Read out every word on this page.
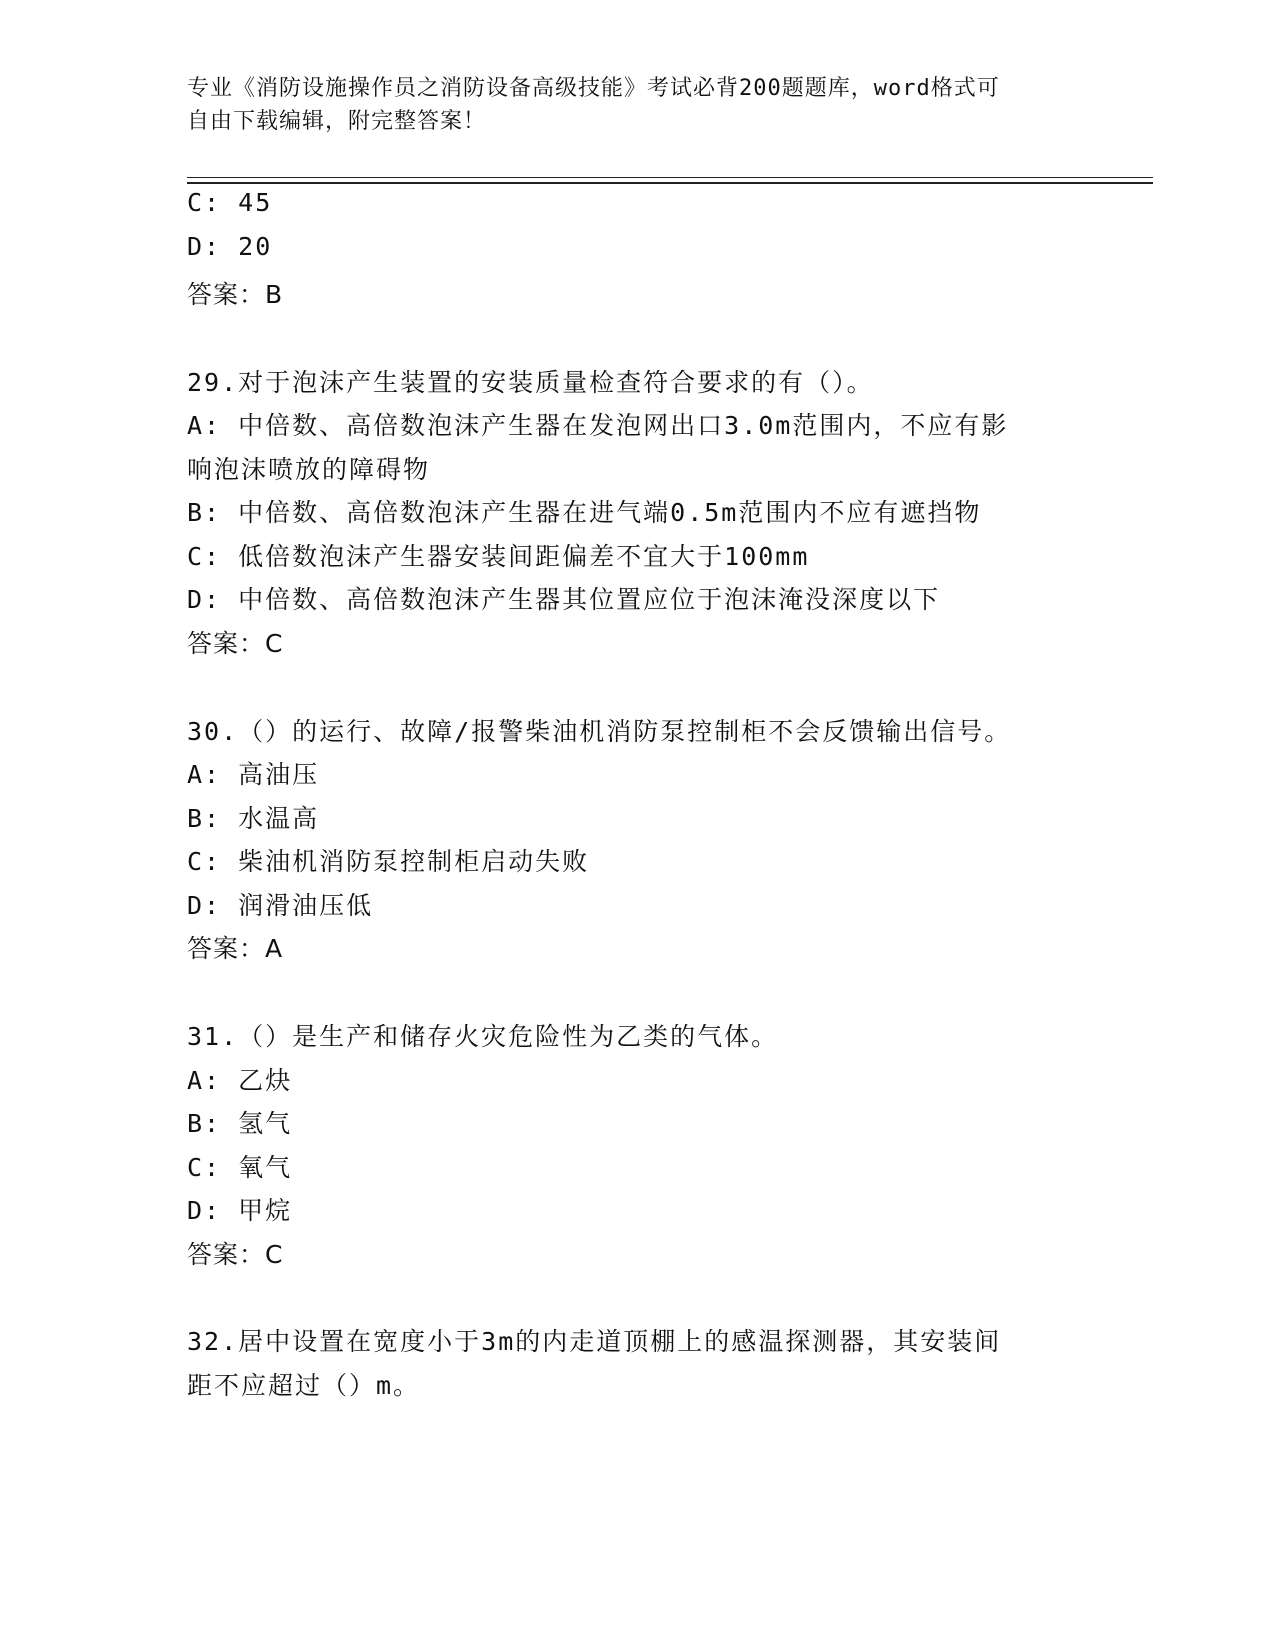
专业《消防设施操作员之消防设备高级技能》考试必背200题题库，word格式可
自由下载编辑，附完整答案！
C: 45
D: 20
答案：B
29.对于泡沫产生装置的安装质量检查符合要求的有（）。
A: 中倍数、高倍数泡沫产生器在发泡网出口3.0m范围内，不应有影
响泡沫喷放的障碍物
B: 中倍数、高倍数泡沫产生器在进气端0.5m范围内不应有遮挡物
C: 低倍数泡沫产生器安装间距偏差不宜大于100mm
D: 中倍数、高倍数泡沫产生器其位置应位于泡沫淹没深度以下
答案：C
30.（）的运行、故障/报警柴油机消防泵控制柜不会反馈输出信号。
A: 高油压
B: 水温高
C: 柴油机消防泵控制柜启动失败
D: 润滑油压低
答案：A
31.（）是生产和储存火灾危险性为乙类的气体。
A: 乙炔
B: 氢气
C: 氧气
D: 甲烷
答案：C
32.居中设置在宽度小于3m的内走道顶棚上的感温探测器，其安装间
距不应超过（）m。
